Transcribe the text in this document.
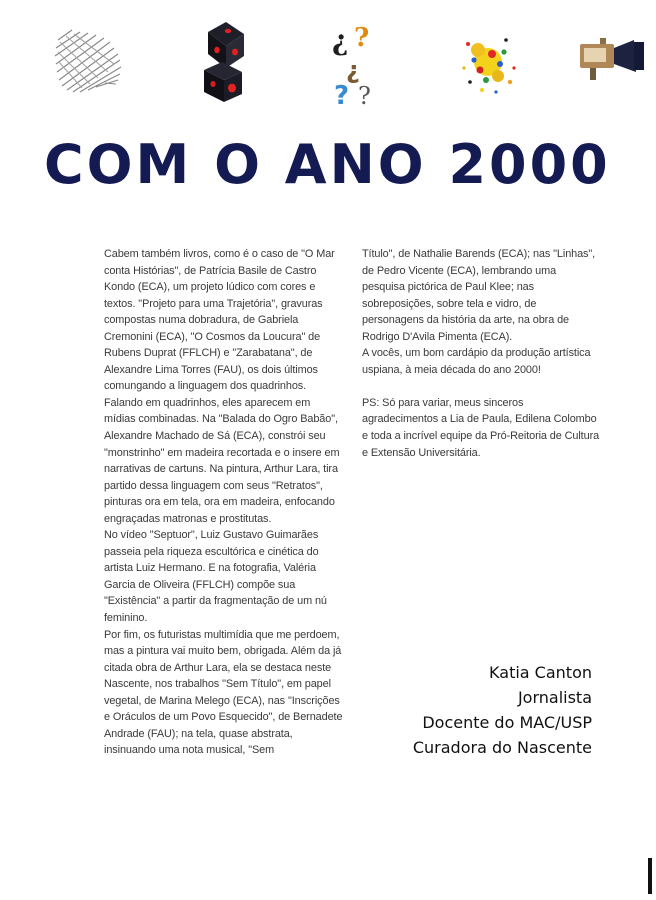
¿ ?
¿
? ?
COM O ANO 2000

Cabem também livros, como é o caso de "O Mar conta Histórias", de Patrícia Basile de Castro Kondo (ECA), um projeto lúdico com cores e textos. "Projeto para uma Trajetória", gravuras compostas numa dobradura, de Gabriela Cremonini (ECA), "O Cosmos da Loucura" de Rubens Duprat (FFLCH) e "Zarabatana", de Alexandre Lima Torres (FAU), os dois últimos comungando a linguagem dos quadrinhos.

Falando em quadrinhos, eles aparecem em mídias combinadas. Na "Balada do Ogro Babão", Alexandre Machado de Sá (ECA), constrói seu "monstrinho" em madeira recortada e o insere em narrativas de cartuns. Na pintura, Arthur Lara, tira partido dessa linguagem com seus "Retratos", pinturas ora em tela, ora em madeira, enfocando engraçadas matronas e prostitutas.

No vídeo "Septuor", Luiz Gustavo Guimarães passeia pela riqueza escultórica e cinética do artista Luiz Hermano. E na fotografia, Valéria Garcia de Oliveira (FFLCH) compõe sua "Existência" a partir da fragmentação de um nú feminino.

Por fim, os futuristas multimídia que me perdoem, mas a pintura vai muito bem, obrigada. Além da já citada obra de Arthur Lara, ela se destaca neste Nascente, nos trabalhos "Sem Título", em papel vegetal, de Marina Melego (ECA), nas "Inscrições e Oráculos de um Povo Esquecido", de Bernadete Andrade (FAU); na tela, quase abstrata, insinuando uma nota musical, "Sem

Título", de Nathalie Barends (ECA); nas "Linhas", de Pedro Vicente (ECA), lembrando uma pesquisa pictórica de Paul Klee; nas sobreposições, sobre tela e vidro, de personagens da história da arte, na obra de Rodrigo D'Avila Pimenta (ECA).

A vocês, um bom cardápio da produção artística uspiana, à meia década do ano 2000!

PS: Só para variar, meus sinceros agradecimentos a Lia de Paula, Edilena Colombo e toda a incrível equipe da Pró-Reitoria de Cultura e Extensão Universitária.

Katia Canton
Jornalista
Docente do MAC/USP
Curadora do Nascente
